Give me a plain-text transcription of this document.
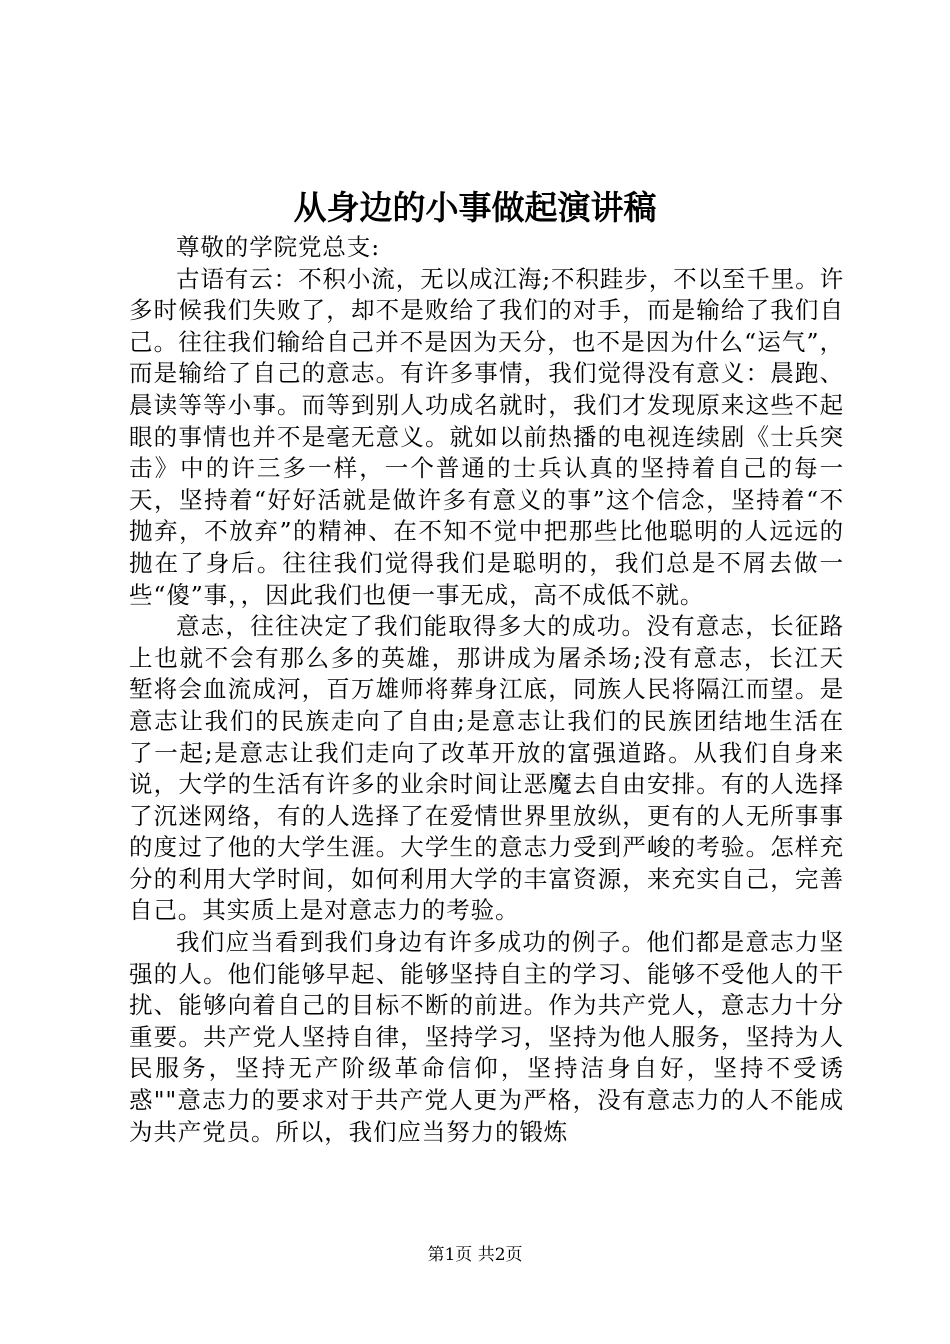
从身边的小事做起演讲稿

尊敬的学院党总支:

古语有云：不积小流，无以成江海;不积跬步，不以至千里。许多时候我们失败了，却不是败给了我们的对手，而是输给了我们自己。往往我们输给自己并不是因为天分，也不是因为什么“运气”，而是输给了自己的意志。有许多事情，我们觉得没有意义：晨跑、晨读等等小事。而等到别人功成名就时，我们才发现原来这些不起眼的事情也并不是毫无意义。就如以前热播的电视连续剧《士兵突击》中的许三多一样，一个普通的士兵认真的坚持着自己的每一天，坚持着“好好活就是做许多有意义的事”这个信念，坚持着“不抛弃，不放弃”的精神、在不知不觉中把那些比他聪明的人远远的抛在了身后。往往我们觉得我们是聪明的，我们总是不屑去做一些“傻”事，，因此我们也便一事无成，高不成低不就。

意志，往往决定了我们能取得多大的成功。没有意志，长征路上也就不会有那么多的英雄，那讲成为屠杀场;没有意志，长江天堑将会血流成河，百万雄师将葬身江底，同族人民将隔江而望。是意志让我们的民族走向了自由;是意志让我们的民族团结地生活在了一起;是意志让我们走向了改革开放的富强道路。从我们自身来说，大学的生活有许多的业余时间让恶魔去自由安排。有的人选择了沉迷网络，有的人选择了在爱情世界里放纵，更有的人无所事事的度过了他的大学生涯。大学生的意志力受到严峻的考验。怎样充分的利用大学时间，如何利用大学的丰富资源，来充实自己，完善自己。其实质上是对意志力的考验。

我们应当看到我们身边有许多成功的例子。他们都是意志力坚强的人。他们能够早起、能够坚持自主的学习、能够不受他人的干扰、能够向着自己的目标不断的前进。作为共产党人，意志力十分重要。共产党人坚持自律，坚持学习，坚持为他人服务，坚持为人民服务，坚持无产阶级革命信仰，坚持洁身自好，坚持不受诱惑""意志力的要求对于共产党人更为严格，没有意志力的人不能成为共产党员。所以，我们应当努力的锻炼

第1页 共2页
